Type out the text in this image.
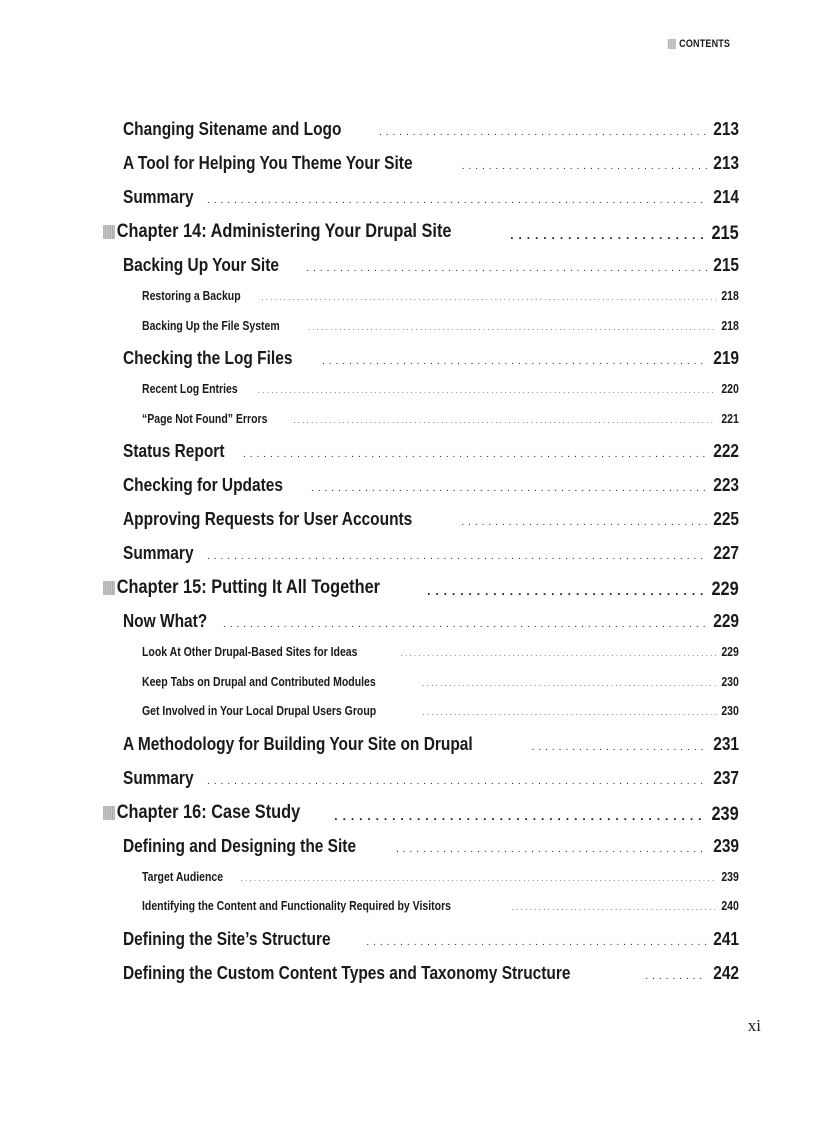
CONTENTS
Changing Sitename and Logo . . .	213
A Tool for Helping You Theme Your Site . . .	213
Summary . . .	214
Chapter 14: Administering Your Drupal Site . . .	215
Backing Up Your Site . . .	215
Restoring a Backup . . .	218
Backing Up the File System . . .	218
Checking the Log Files . . .	219
Recent Log Entries . . .	220
“Page Not Found” Errors . . .	221
Status Report . . .	222
Checking for Updates . . .	223
Approving Requests for User Accounts . . .	225
Summary . . .	227
Chapter 15: Putting It All Together . . .	229
Now What? . . .	229
Look At Other Drupal-Based Sites for Ideas . . .	229
Keep Tabs on Drupal and Contributed Modules . . .	230
Get Involved in Your Local Drupal Users Group . . .	230
A Methodology for Building Your Site on Drupal . . .	231
Summary . . .	237
Chapter 16: Case Study . . .	239
Defining and Designing the Site . . .	239
Target Audience . . .	239
Identifying the Content and Functionality Required by Visitors . . .	240
Defining the Site’s Structure . . .	241
Defining the Custom Content Types and Taxonomy Structure . . .	242
xi
